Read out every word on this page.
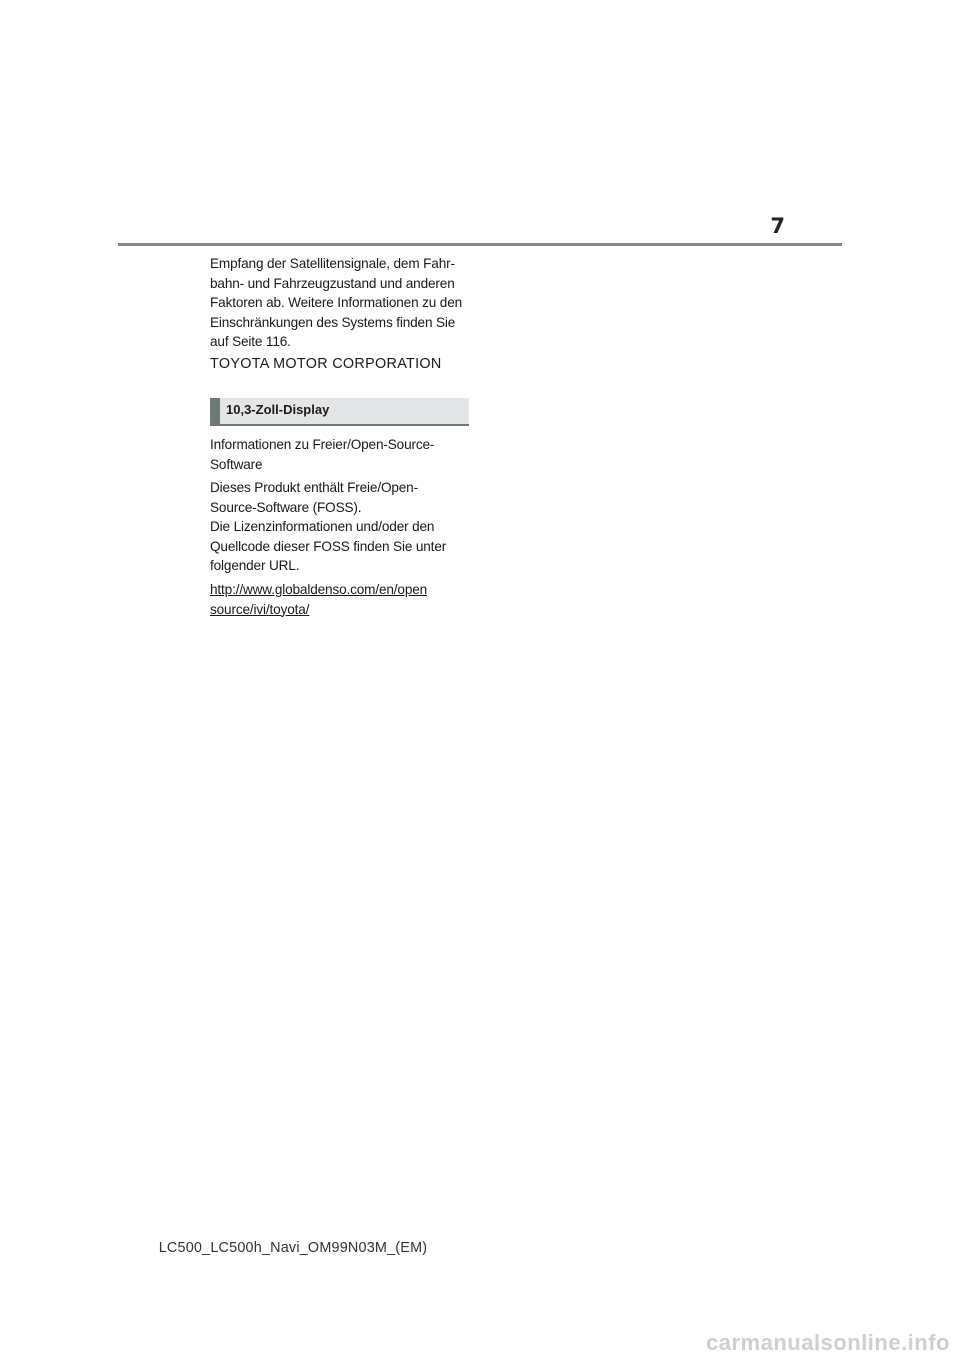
7

Empfang der Satellitensignale, dem Fahr-
bahn- und Fahrzeugzustand und anderen
Faktoren ab. Weitere Informationen zu den
Einschränkungen des Systems finden Sie
auf Seite 116.

TOYOTA MOTOR CORPORATION
10,3-Zoll-Display

Informationen zu Freier/Open-Source-
Software

Dieses Produkt enthält Freie/Open-
Source-Software (FOSS).
Die Lizenzinformationen und/oder den
Quellcode dieser FOSS finden Sie unter
folgender URL.

http://www.globaldenso.com/en/open
source/ivi/toyota/

LC500_LC500h_Navi_OM99N03M_(EM)
carmanualsonline.info
